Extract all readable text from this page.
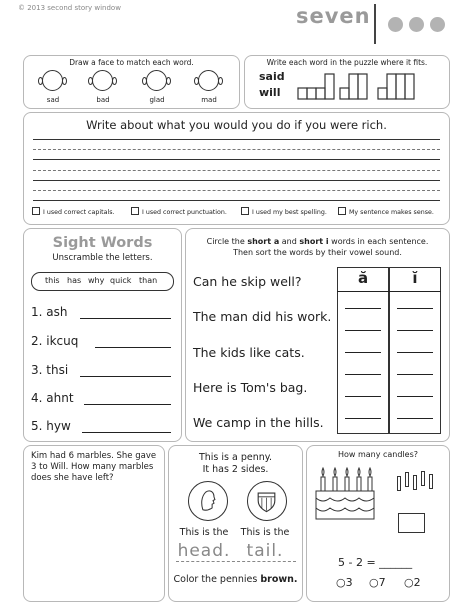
© 2013 second story window	seven
Draw a face to match each word.
sad	bad	glad	mad
Write each word in the puzzle where it fits.
said
will
Write about what you would you do if you were rich.
I used correct capitals.	I used correct punctuation.	I used my best spelling.	My sentence makes sense.
Sight Words
Unscramble the letters.
this has why quick than
1. ash
2. ikcuq
3. thsi
4. ahnt
5. hyw
Circle the short a and short i words in each sentence.
Then sort the words by their vowel sound.
Can he skip well?
The man did his work.
The kids like cats.
Here is Tom's bag.
We camp in the hills.
ă	ĭ
Kim had 6 marbles. She gave 3 to Will. How many marbles does she have left?
This is a penny.
It has 2 sides.
This is the	This is the
head. tail.
Color the pennies brown.
How many candles?
5 - 2 = ______
○3 ○7 ○2
